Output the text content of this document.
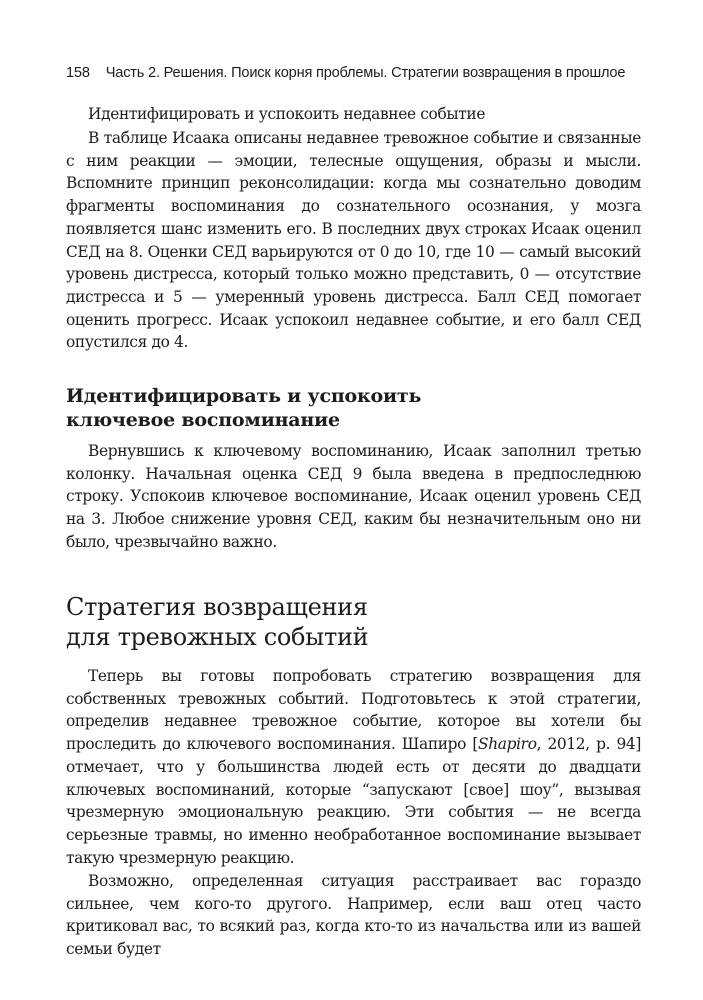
158 Часть 2. Решения. Поиск корня проблемы. Стратегии возвращения в прошлое

Идентифицировать и успокоить недавнее событие

В таблице Исаака описаны недавнее тревожное событие и связанные с ним реакции — эмоции, телесные ощущения, образы и мысли. Вспомните принцип реконсолидации: когда мы сознательно доводим фрагменты воспоминания до сознательного осознания, у мозга появляется шанс изменить его. В последних двух строках Исаак оценил СЕД на 8. Оценки СЕД варьируются от 0 до 10, где 10 — самый высокий уровень дистресса, который только можно представить, 0 — отсутствие дистресса и 5 — умеренный уровень дистресса. Балл СЕД помогает оценить прогресс. Исаак успокоил недавнее событие, и его балл СЕД опустился до 4.

Идентифицировать и успокоить
ключевое воспоминание

Вернувшись к ключевому воспоминанию, Исаак заполнил третью колонку. Начальная оценка СЕД 9 была введена в предпоследнюю строку. Успокоив ключевое воспоминание, Исаак оценил уровень СЕД на 3. Любое снижение уровня СЕД, каким бы незначительным оно ни было, чрезвычайно важно.

Стратегия возвращения
для тревожных событий

Теперь вы готовы попробовать стратегию возвращения для собственных тревожных событий. Подготовьтесь к этой стратегии, определив недавнее тревожное событие, которое вы хотели бы проследить до ключевого воспоминания. Шапиро [Shapiro, 2012, p. 94] отмечает, что у большинства людей есть от десяти до двадцати ключевых воспоминаний, которые “запускают [свое] шоу”, вызывая чрезмерную эмоциональную реакцию. Эти события — не всегда серьезные травмы, но именно необработанное воспоминание вызывает такую чрезмерную реакцию.

Возможно, определенная ситуация расстраивает вас гораздо сильнее, чем кого-то другого. Например, если ваш отец часто критиковал вас, то всякий раз, когда кто-то из начальства или из вашей семьи будет
